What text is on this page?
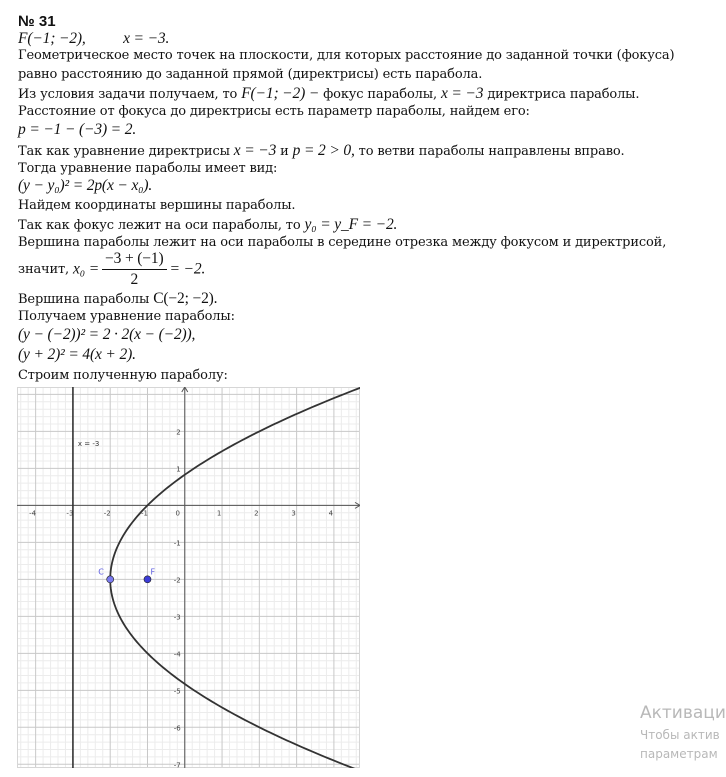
№ 31
F(−1; −2), x = −3.
Геометрическое место точек на плоскости, для которых расстояние до заданной точки (фокуса)
равно расстоянию до заданной прямой (директрисы) есть парабола.
Из условия задачи получаем, то F(−1; −2) − фокус параболы, x = −3 директриса параболы.
Расстояние от фокуса до директрисы есть параметр параболы, найдем его:
p = −1 − (−3) = 2.
Так как уравнение директрисы x = −3 и p = 2 > 0, то ветви параболы направлены вправо.
Тогда уравнение параболы имеет вид:
(y − y₀)² = 2p(x − x₀).
Найдем координаты вершины параболы.
Так как фокус лежит на оси параболы, то y₀ = y_F = −2.
Вершина параболы лежит на оси параболы в середине отрезка между фокусом и директрисой,
значит, $x_0 = \frac{-3 + (-1)}{2} = -2$.
Вершина параболы C(−2; −2).
Получаем уравнение параболы:
(y − (−2))² = 2 · 2(x − (−2)),
(y + 2)² = 4(x + 2).
Строим полученную параболу:
-4	-3	-2	-1	0	1	2	3	4
2
1
-1
-2
-3
-4
-5
-6
-7
x = -3
C	F
Активаци
Чтобы актив
параметрам
